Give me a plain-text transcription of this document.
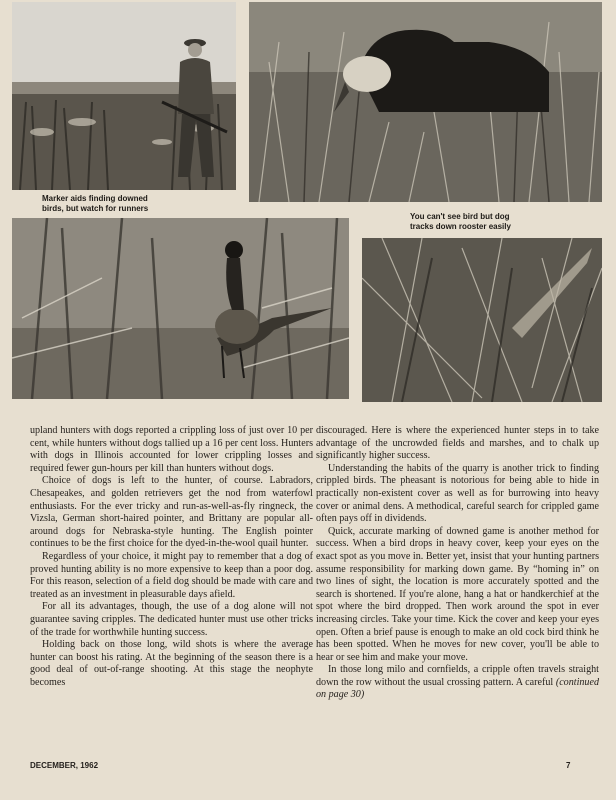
Marker aids finding downed
birds, but watch for runners
You can't see bird but dog
tracks down rooster easily

upland hunters with dogs reported a crippling loss of just over 10 per cent, while hunters without dogs tallied up a 16 per cent loss. Hunters with dogs in Illinois accounted for lower crippling losses and required fewer gun-hours per kill than hunters without dogs.

Choice of dogs is left to the hunter, of course. Labradors, Chesapeakes, and golden retrievers get the nod from waterfowl enthusiasts. For the ever tricky and run-as-well-as-fly ringneck, the Vizsla, German short-haired pointer, and Brittany are popular all-around dogs for Nebraska-style hunting. The English pointer continues to be the first choice for the dyed-in-the-wool quail hunter.

Regardless of your choice, it might pay to remember that a dog of proved hunting ability is no more expensive to keep than a poor dog. For this reason, selection of a field dog should be made with care and treated as an investment in pleasurable days afield.

For all its advantages, though, the use of a dog alone will not guarantee saving cripples. The dedicated hunter must use other tricks of the trade for worthwhile hunting success.

Holding back on those long, wild shots is where the average hunter can boost his rating. At the beginning of the season there is a good deal of out-of-range shooting. At this stage the neophyte becomes

discouraged. Here is where the experienced hunter steps in to take advantage of the uncrowded fields and marshes, and to chalk up significantly higher success.

Understanding the habits of the quarry is another trick to finding crippled birds. The pheasant is notorious for being able to hide in practically non-existent cover as well as for burrowing into heavy cover or animal dens. A methodical, careful search for crippled game often pays off in dividends.

Quick, accurate marking of downed game is another method for success. When a bird drops in heavy cover, keep your eyes on the exact spot as you move in. Better yet, insist that your hunting partners assume responsibility for marking down game. By “homing in” on two lines of sight, the location is more accurately spotted and the search is shortened. If you're alone, hang a hat or handkerchief at the spot where the bird dropped. Then work around the spot in ever increasing circles. Take your time. Kick the cover and keep your eyes open. Often a brief pause is enough to make an old cock bird think he has been spotted. When he moves for new cover, you'll be able to hear or see him and make your move.

In those long milo and cornfields, a cripple often travels straight down the row without the usual crossing pattern. A careful (continued on page 30)

DECEMBER, 1962	7
